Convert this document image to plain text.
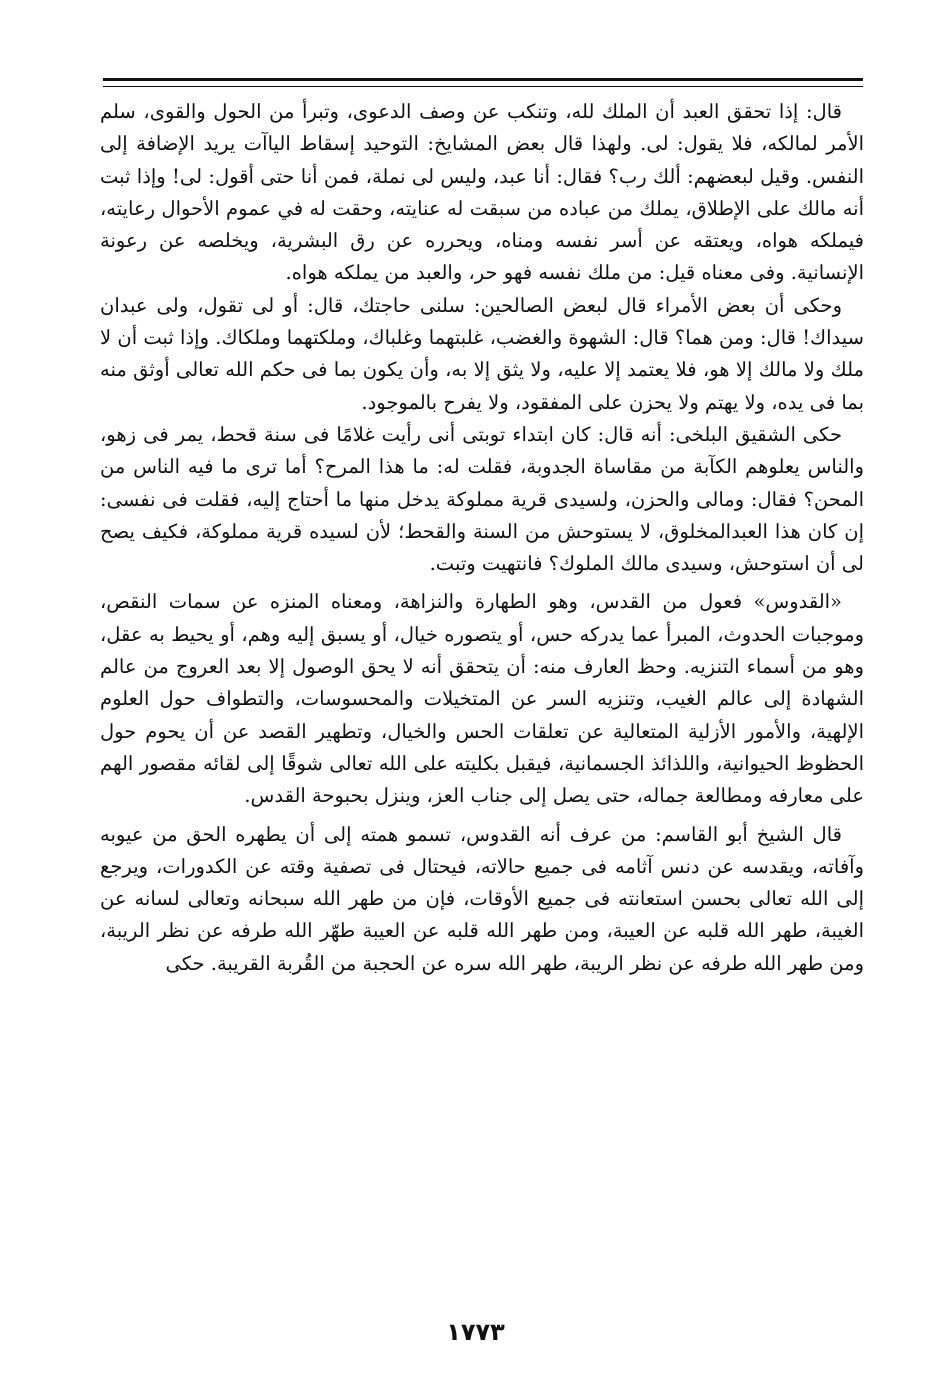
قال: إذا تحقق العبد أن الملك لله، وتنكب عن وصف الدعوى، وتبرأ من الحول والقوى، سلم الأمر لمالكه، فلا يقول: لى. ولهذا قال بعض المشايخ: التوحيد إسقاط الياآت يريد الإضافة إلى النفس. وقيل لبعضهم: ألك رب؟ فقال: أنا عبد، وليس لى نملة، فمن أنا حتى أقول: لى! وإذا ثبت أنه مالك على الإطلاق، يملك من عباده من سبقت له عنايته، وحقت له في عموم الأحوال رعايته، فيملكه هواه، ويعتقه عن أسر نفسه ومناه، ويحرره عن رق البشرية، ويخلصه عن رعونة الإنسانية. وفى معناه قيل: من ملك نفسه فهو حر، والعبد من يملكه هواه.

وحكى أن بعض الأمراء قال لبعض الصالحين: سلنى حاجتك، قال: أو لى تقول، ولى عبدان سيداك! قال: ومن هما؟ قال: الشهوة والغضب، غلبتهما وغلباك، وملكتهما وملكاك. وإذا ثبت أن لا ملك ولا مالك إلا هو، فلا يعتمد إلا عليه، ولا يثق إلا به، وأن يكون بما فى حكم الله تعالى أوثق منه بما فى يده، ولا يهتم ولا يحزن على المفقود، ولا يفرح بالموجود.

حكى الشقيق البلخى: أنه قال: كان ابتداء توبتى أنى رأيت غلامًا فى سنة قحط، يمر فى زهو، والناس يعلوهم الكآبة من مقاساة الجدوبة، فقلت له: ما هذا المرح؟ أما ترى ما فيه الناس من المحن؟ فقال: ومالى والحزن، ولسيدى قرية مملوكة يدخل منها ما أحتاج إليه، فقلت فى نفسى: إن كان هذا العبدالمخلوق، لا يستوحش من السنة والقحط؛ لأن لسيده قرية مملوكة، فكيف يصح لى أن استوحش، وسيدى مالك الملوك؟ فانتهيت وتبت.

«القدوس» فعول من القدس، وهو الطهارة والنزاهة، ومعناه المنزه عن سمات النقص، وموجبات الحدوث، المبرأ عما يدركه حس، أو يتصوره خيال، أو يسبق إليه وهم، أو يحيط به عقل، وهو من أسماء التنزيه. وحظ العارف منه: أن يتحقق أنه لا يحق الوصول إلا بعد العروج من عالم الشهادة إلى عالم الغيب، وتنزيه السر عن المتخيلات والمحسوسات، والتطواف حول العلوم الإلهية، والأمور الأزلية المتعالية عن تعلقات الحس والخيال، وتطهير القصد عن أن يحوم حول الحظوظ الحيوانية، واللذائذ الجسمانية، فيقبل بكليته على الله تعالى شوقًا إلى لقائه مقصور الهم على معارفه ومطالعة جماله، حتى يصل إلى جناب العز، وينزل بحبوحة القدس.

قال الشيخ أبو القاسم: من عرف أنه القدوس، تسمو همته إلى أن يطهره الحق من عيوبه وآفاته، ويقدسه عن دنس آثامه فى جميع حالاته، فيحتال فى تصفية وقته عن الكدورات، ويرجع إلى الله تعالى بحسن استعانته فى جميع الأوقات، فإن من طهر الله سبحانه وتعالى لسانه عن الغيبة، طهر الله قلبه عن العيبة، ومن طهر الله قلبه عن العيبة طهّر الله طرفه عن نظر الريبة، ومن طهر الله طرفه عن نظر الريبة، طهر الله سره عن الحجبة من القُربة القريبة. حكى

١٧٧٣
